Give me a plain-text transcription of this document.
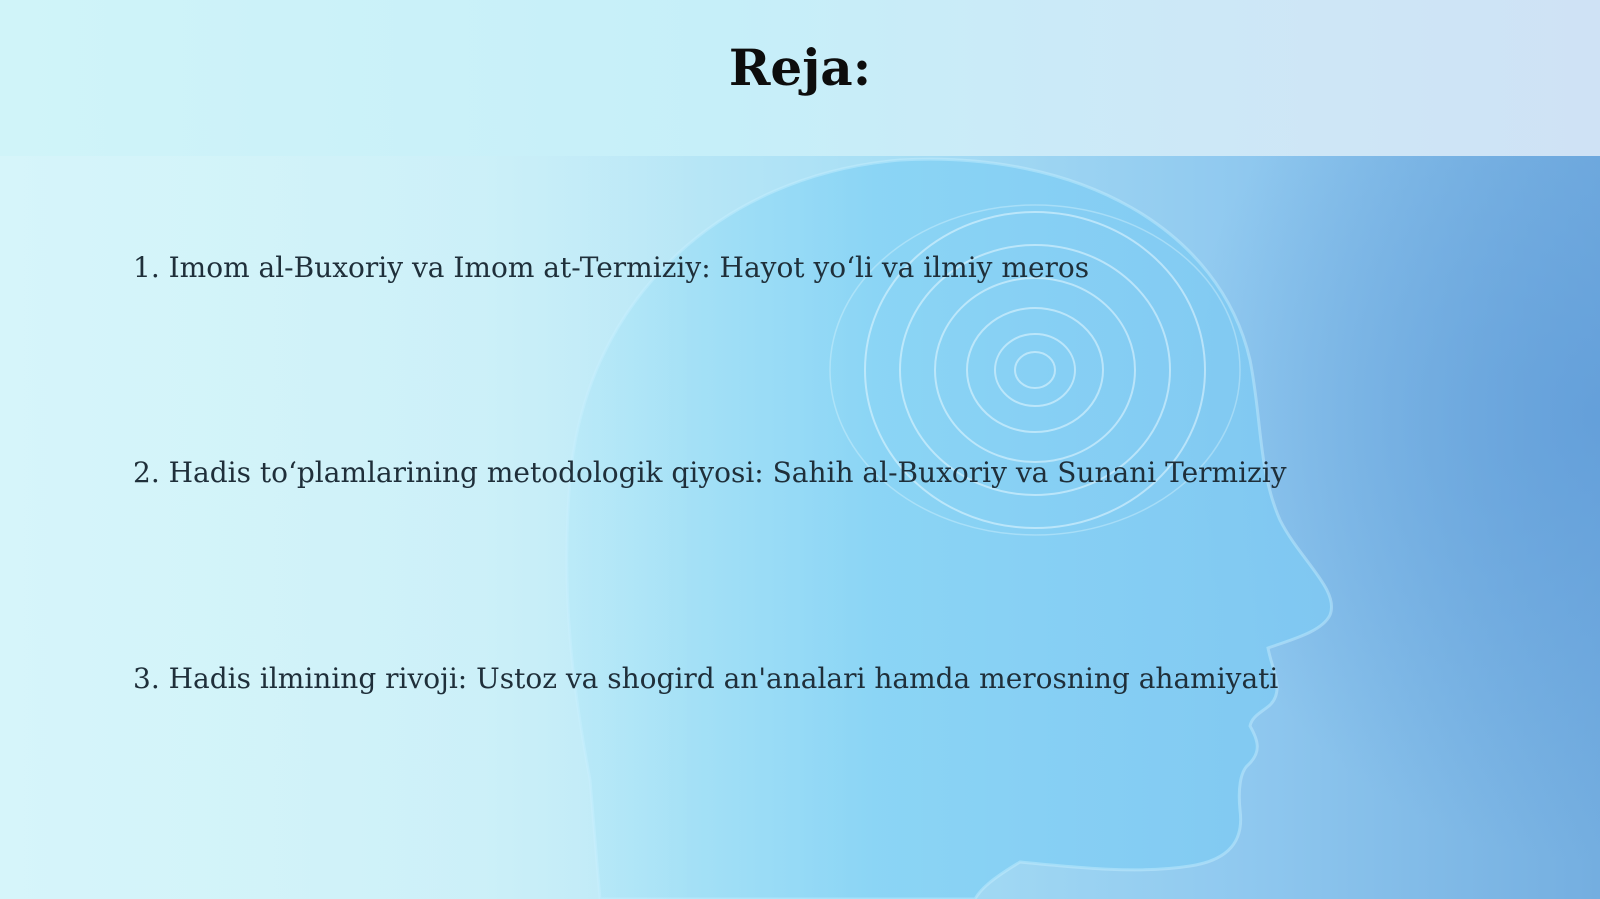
Reja:

1. Imom al-Buxoriy va Imom at-Termiziy: Hayot yo‘li va ilmiy meros

2. Hadis to‘plamlarining metodologik qiyosi: Sahih al-Buxoriy va Sunani Termiziy

3. Hadis ilmining rivoji: Ustoz va shogird an'analari hamda merosning ahamiyati
